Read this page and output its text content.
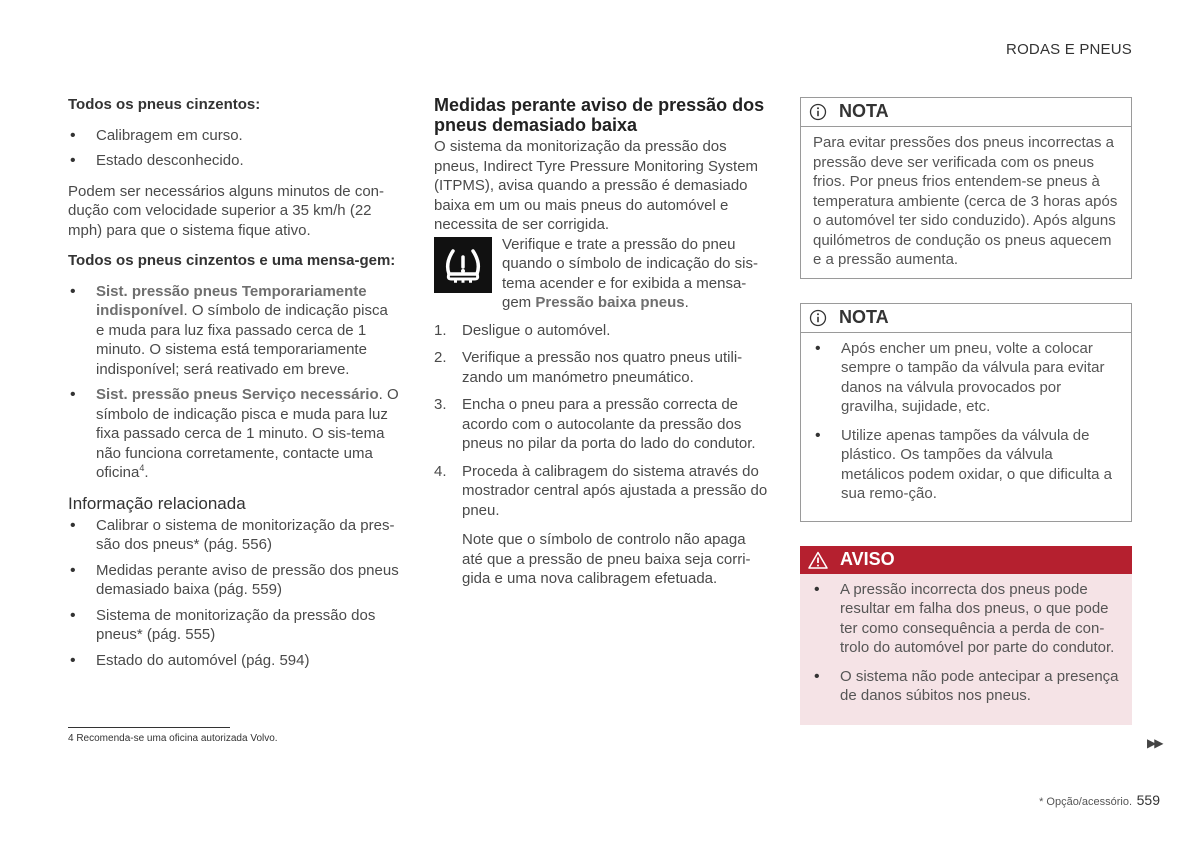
RODAS E PNEUS

Todos os pneus cinzentos:

• Calibragem em curso.
• Estado desconhecido.

Podem ser necessários alguns minutos de con-dução com velocidade superior a 35 km/h (22 mph) para que o sistema fique ativo.

Todos os pneus cinzentos e uma mensa-gem:

• Sist. pressão pneus Temporariamente indisponível. O símbolo de indicação pisca e muda para luz fixa passado cerca de 1 minuto. O sistema está temporariamente indisponível; será reativado em breve.
• Sist. pressão pneus Serviço necessário. O símbolo de indicação pisca e muda para luz fixa passado cerca de 1 minuto. O sis-tema não funciona corretamente, contacte uma oficina$^4$.
Informação relacionada
• Calibrar o sistema de monitorização da pres-são dos pneus* (pág. 556)
• Medidas perante aviso de pressão dos pneus demasiado baixa (pág. 559)
• Sistema de monitorização da pressão dos pneus* (pág. 555)
• Estado do automóvel (pág. 594)
Medidas perante aviso de pressão dos pneus demasiado baixa

O sistema da monitorização da pressão dos pneus, Indirect Tyre Pressure Monitoring System (ITPMS), avisa quando a pressão é demasiado baixa em um ou mais pneus do automóvel e necessita de ser corrigida.

Verifique e trate a pressão do pneu quando o símbolo de indicação do sis-tema acender e for exibida a mensa-gem Pressão baixa pneus.

1. Desligue o automóvel.
2. Verifique a pressão nos quatro pneus utili-zando um manómetro pneumático.
3. Encha o pneu para a pressão correcta de acordo com o autocolante da pressão dos pneus no pilar da porta do lado do condutor.
4. Proceda à calibragem do sistema através do mostrador central após ajustada a pressão do pneu.

Note que o símbolo de controlo não apaga até que a pressão de pneu baixa seja corri-gida e uma nova calibragem efetuada.

NOTA
Para evitar pressões dos pneus incorrectas a pressão deve ser verificada com os pneus frios. Por pneus frios entendem-se pneus à temperatura ambiente (cerca de 3 horas após o automóvel ter sido conduzido). Após alguns quilómetros de condução os pneus aquecem e a pressão aumenta.
NOTA
• Após encher um pneu, volte a colocar sempre o tampão da válvula para evitar danos na válvula provocados por gravilha, sujidade, etc.
• Utilize apenas tampões da válvula de plástico. Os tampões da válvula metálicos podem oxidar, o que dificulta a sua remo-ção.
AVISO
• A pressão incorrecta dos pneus pode resultar em falha dos pneus, o que pode ter como consequência a perda de con-trolo do automóvel por parte do condutor.
• O sistema não pode antecipar a presença de danos súbitos nos pneus.
4 Recomenda-se uma oficina autorizada Volvo.	▶▶
* Opção/acessório. 559
